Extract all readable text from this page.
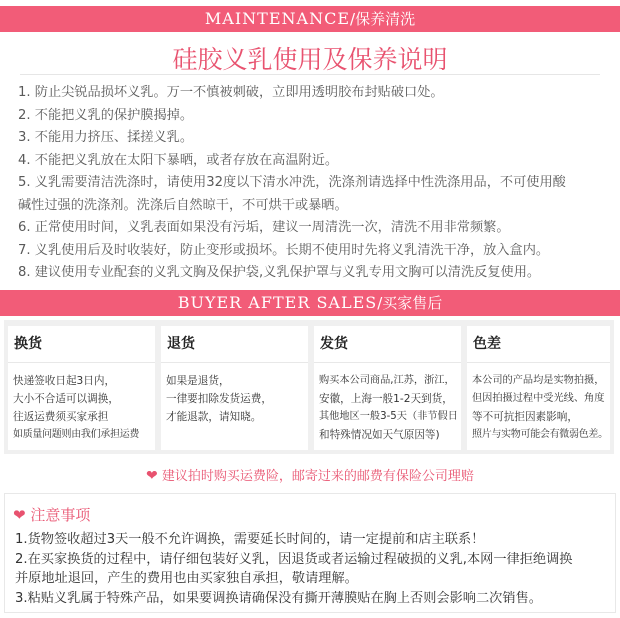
MAINTENANCE/保养清洗
硅胶义乳使用及保养说明
1. 防止尖锐品损坏义乳。万一不慎被刺破，立即用透明胶布封贴破口处。
2. 不能把义乳的保护膜揭掉。
3. 不能用力挤压、揉搓义乳。
4. 不能把义乳放在太阳下暴晒，或者存放在高温附近。
5. 义乳需要清洁洗涤时，请使用32度以下清水冲洗，洗涤剂请选择中性洗涤用品，不可使用酸
碱性过强的洗涤剂。洗涤后自然晾干，不可烘干或暴晒。
6. 正常使用时间，义乳表面如果没有污垢，建议一周清洗一次，清洗不用非常频繁。
7. 义乳使用后及时收装好，防止变形或损坏。长期不使用时先将义乳清洗干净，放入盒内。
8. 建议使用专业配套的义乳文胸及保护袋,义乳保护罩与义乳专用文胸可以清洗反复使用。
BUYER AFTER SALES/买家售后
换货
快递签收日起3日内，
大小不合适可以调换，
往返运费须买家承担
如质量问题则由我们承担运费
退货
如果是退货，
一律要扣除发货运费，
才能退款，请知晓。
发货
购买本公司商品,江苏，浙江，
安徽，上海一般1-2天到货，
其他地区一般3-5天（非节假日
和特殊情况如天气原因等)
色差
本公司的产品均是实物拍摄，
但因拍摄过程中受光线、角度
等不可抗拒因素影响，
照片与实物可能会有微弱色差。
❤ 建议拍时购买运费险，邮寄过来的邮费有保险公司理赔
❤ 注意事项
1.货物签收超过3天一般不允许调换，需要延长时间的，请一定提前和店主联系！
2.在买家换货的过程中，请仔细包装好义乳，因退货或者运输过程破损的义乳,本网一律拒绝调换
并原地址退回，产生的费用也由买家独自承担，敬请理解。
3.粘贴义乳属于特殊产品，如果要调换请确保没有撕开薄膜贴在胸上否则会影响二次销售。
